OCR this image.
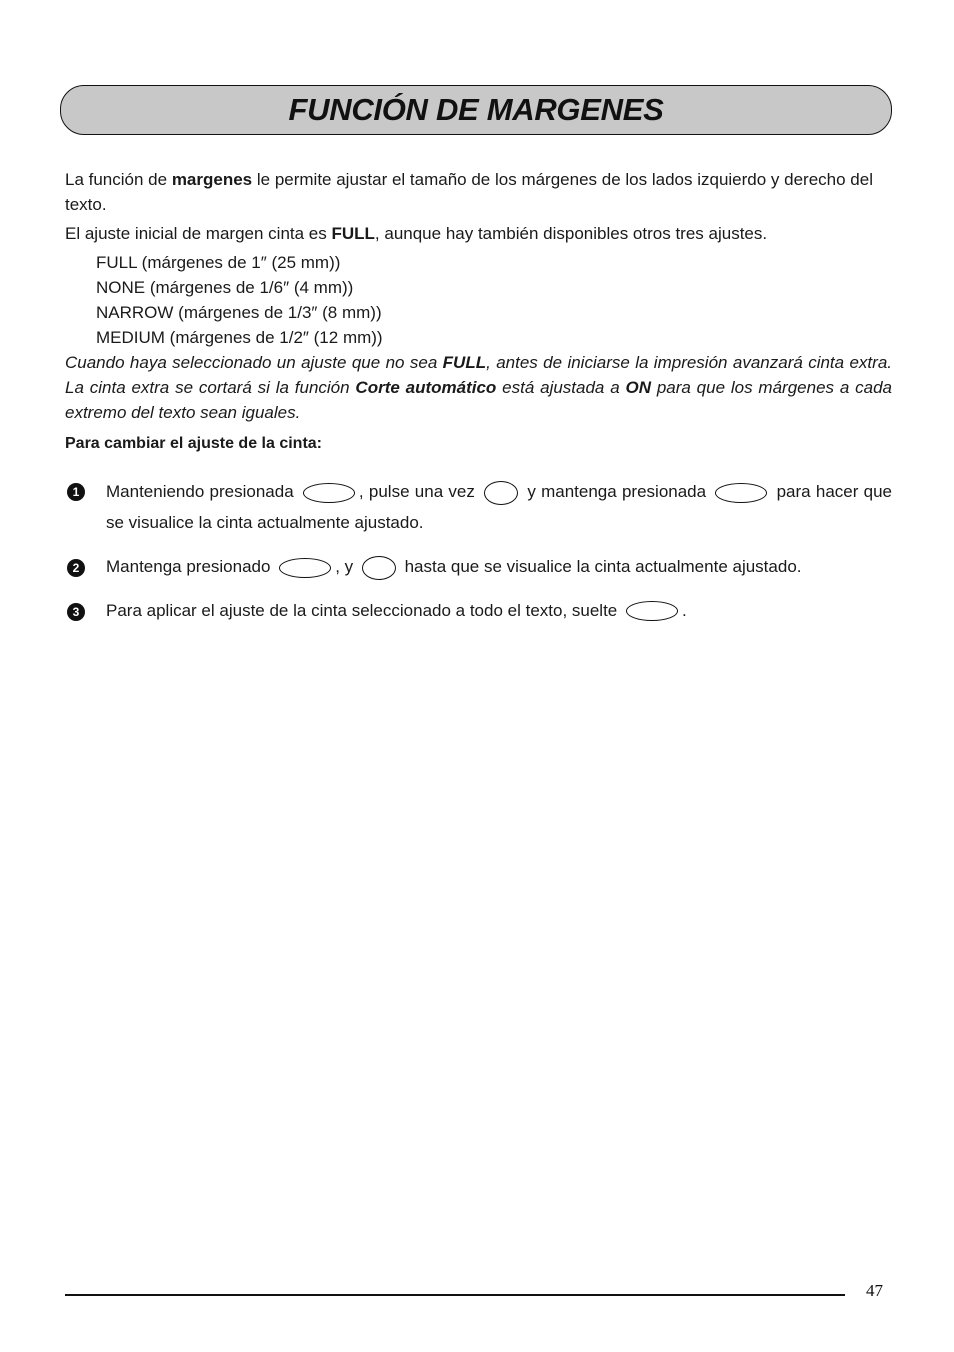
FUNCIÓN DE MARGENES

La función de margenes le permite ajustar el tamaño de los márgenes de los lados izquierdo y derecho del texto.

El ajuste inicial de margen cinta es FULL, aunque hay también disponibles otros tres ajustes.

FULL (márgenes de 1″ (25 mm))
NONE (márgenes de 1/6″ (4 mm))
NARROW (márgenes de 1/3″ (8 mm))
MEDIUM (márgenes de 1/2″ (12 mm))

Cuando haya seleccionado un ajuste que no sea FULL, antes de iniciarse la impresión avanzará cinta extra. La cinta extra se cortará si la función Corte automático está ajustada a ON para que los márgenes a cada extremo del texto sean iguales.

Para cambiar el ajuste de la cinta:

1	Manteniendo presionada	, pulse una vez  y mantenga presionada	para hacer que se visualice la cinta actualmente ajustado.
2	Mantenga presionado	, y  hasta que se visualice la cinta actualmente ajustado.
3	Para aplicar el ajuste de la cinta seleccionado a todo el texto, suelte	.
47
